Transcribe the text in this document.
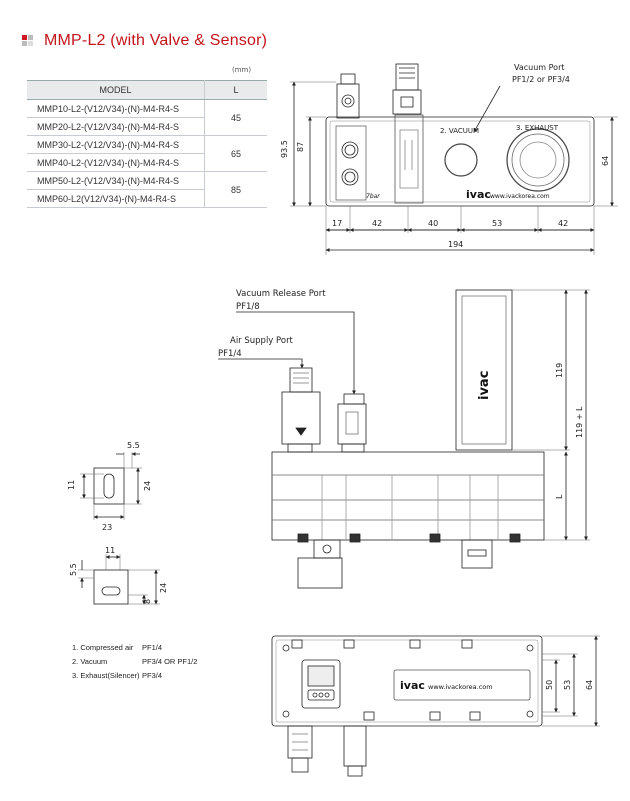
MMP-L2 (with Valve & Sensor)
(mm)
MODEL	L
MMP10-L2-(V12/V34)-(N)-M4-R4-S	45
MMP20-L2-(V12/V34)-(N)-M4-R4-S	
MMP30-L2-(V12/V34)-(N)-M4-R4-S	65
MMP40-L2-(V12/V34)-(N)-M4-R4-S	
MMP50-L2-(V12/V34)-(N)-M4-R4-S	85
MMP60-L2(V12/V34)-(N)-M4-R4-S	
2. VACUUM	3. EXHAUST
ivac www.ivackorea.com
7bar
Vacuum Port
PF1/2 or PF3/4
93.5 87
64
17	42	40	53	42
194
ivac
Vacuum Release Port
PF1/8
Air Supply Port
PF1/4
119
119 + L
L
5.5
11	24
23
11
5.5
24
8
ivac www.ivackorea.com	50 53 64
1. Compressed air	PF1/4
2. Vacuum	PF3/4 OR PF1/2
3. Exhaust(Silencer) PF3/4
